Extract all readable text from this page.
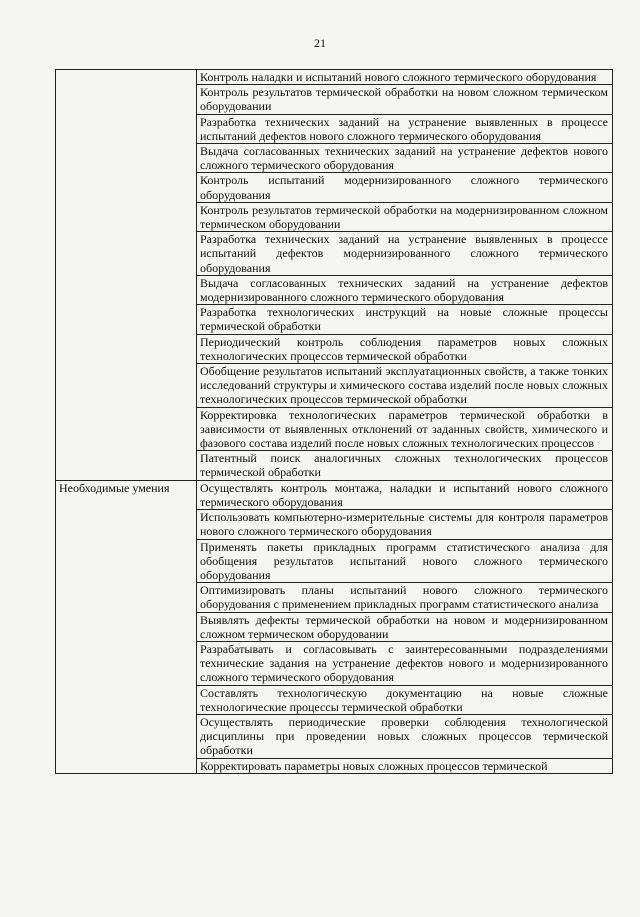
21
	Контроль наладки и испытаний нового сложного термического оборудования
	Контроль результатов термической обработки на новом сложном термическом оборудовании
	Разработка технических заданий на устранение выявленных в процессе испытаний дефектов нового сложного термического оборудования
	Выдача согласованных технических заданий на устранение дефектов нового сложного термического оборудования
	Контроль испытаний модернизированного сложного термического оборудования
	Контроль результатов термической обработки на модернизированном сложном термическом оборудовании
	Разработка технических заданий на устранение выявленных в процессе испытаний дефектов модернизированного сложного термического оборудования
	Выдача согласованных технических заданий на устранение дефектов модернизированного сложного термического оборудования
	Разработка технологических инструкций на новые сложные процессы термической обработки
	Периодический контроль соблюдения параметров новых сложных технологических процессов термической обработки
	Обобщение результатов испытаний эксплуатационных свойств, а также тонких исследований структуры и химического состава изделий после новых сложных технологических процессов термической обработки
	Корректировка технологических параметров термической обработки в зависимости от выявленных отклонений от заданных свойств, химического и фазового состава изделий после новых сложных технологических процессов
	Патентный поиск аналогичных сложных технологических процессов термической обработки
Необходимые умения	Осуществлять контроль монтажа, наладки и испытаний нового сложного термического оборудования
	Использовать компьютерно-измерительные системы для контроля параметров нового сложного термического оборудования
	Применять пакеты прикладных программ статистического анализа для обобщения результатов испытаний нового сложного термического оборудования
	Оптимизировать планы испытаний нового сложного термического оборудования с применением прикладных программ статистического анализа
	Выявлять дефекты термической обработки на новом и модернизированном сложном термическом оборудовании
	Разрабатывать и согласовывать с заинтересованными подразделениями технические задания на устранение дефектов нового и модернизированного сложного термического оборудования
	Составлять технологическую документацию на новые сложные технологические процессы термической обработки
	Осуществлять периодические проверки соблюдения технологической дисциплины при проведении новых сложных процессов термической обработки

	Корректировать параметры новых сложных процессов термической
